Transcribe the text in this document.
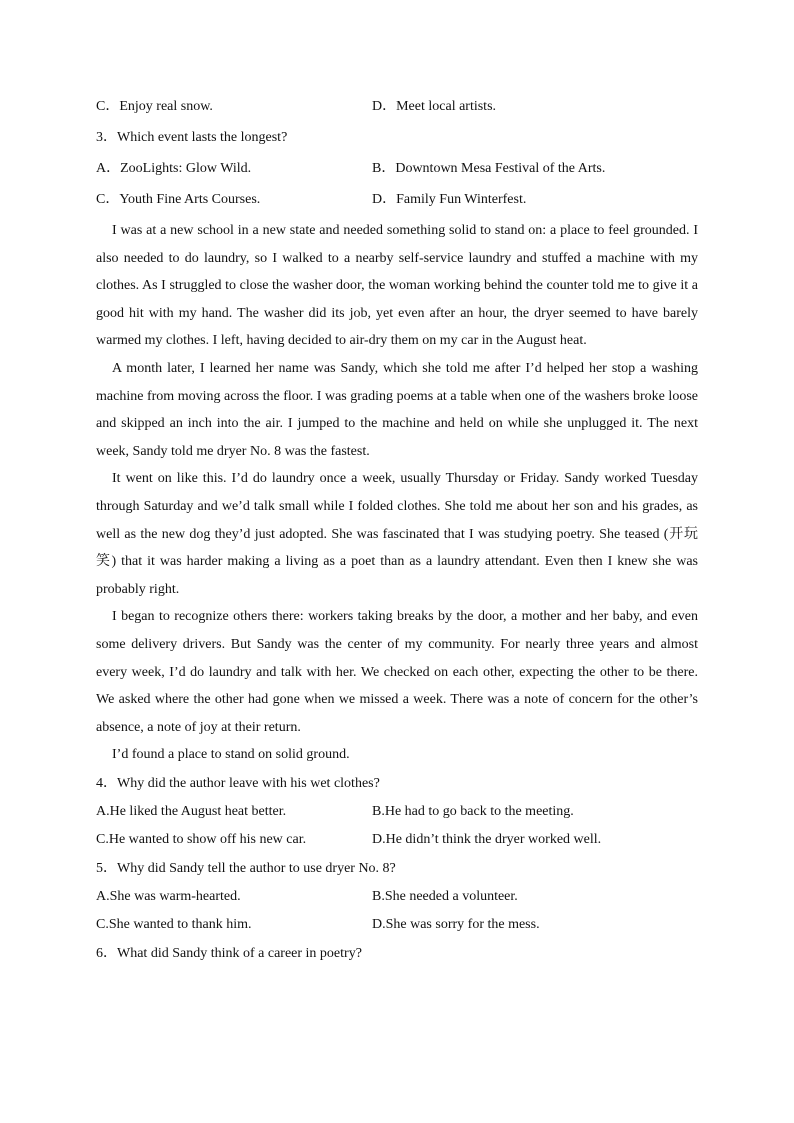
C．Enjoy real snow.	D．Meet local artists.
3．Which event lasts the longest?
A．ZooLights: Glow Wild.	B．Downtown Mesa Festival of the Arts.
C．Youth Fine Arts Courses.	D．Family Fun Winterfest.

I was at a new school in a new state and needed something solid to stand on: a place to feel grounded. I also needed to do laundry, so I walked to a nearby self-service laundry and stuffed a machine with my clothes. As I struggled to close the washer door, the woman working behind the counter told me to give it a good hit with my hand. The washer did its job, yet even after an hour, the dryer seemed to have barely warmed my clothes. I left, having decided to air-dry them on my car in the August heat.

A month later, I learned her name was Sandy, which she told me after I’d helped her stop a washing machine from moving across the floor. I was grading poems at a table when one of the washers broke loose and skipped an inch into the air. I jumped to the machine and held on while she unplugged it. The next week, Sandy told me dryer No. 8 was the fastest.

It went on like this. I’d do laundry once a week, usually Thursday or Friday. Sandy worked Tuesday through Saturday and we’d talk small while I folded clothes. She told me about her son and his grades, as well as the new dog they’d just adopted. She was fascinated that I was studying poetry. She teased (开玩笑) that it was harder making a living as a poet than as a laundry attendant. Even then I knew she was probably right.

I began to recognize others there: workers taking breaks by the door, a mother and her baby, and even some delivery drivers. But Sandy was the center of my community. For nearly three years and almost every week, I’d do laundry and talk with her. We checked on each other, expecting the other to be there. We asked where the other had gone when we missed a week. There was a note of concern for the other’s absence, a note of joy at their return.

I’d found a place to stand on solid ground.

4．Why did the author leave with his wet clothes?
A.He liked the August heat better.	B.He had to go back to the meeting.
C.He wanted to show off his new car.	D.He didn’t think the dryer worked well.
5．Why did Sandy tell the author to use dryer No. 8?
A.She was warm-hearted.	B.She needed a volunteer.
C.She wanted to thank him.	D.She was sorry for the mess.
6．What did Sandy think of a career in poetry?
